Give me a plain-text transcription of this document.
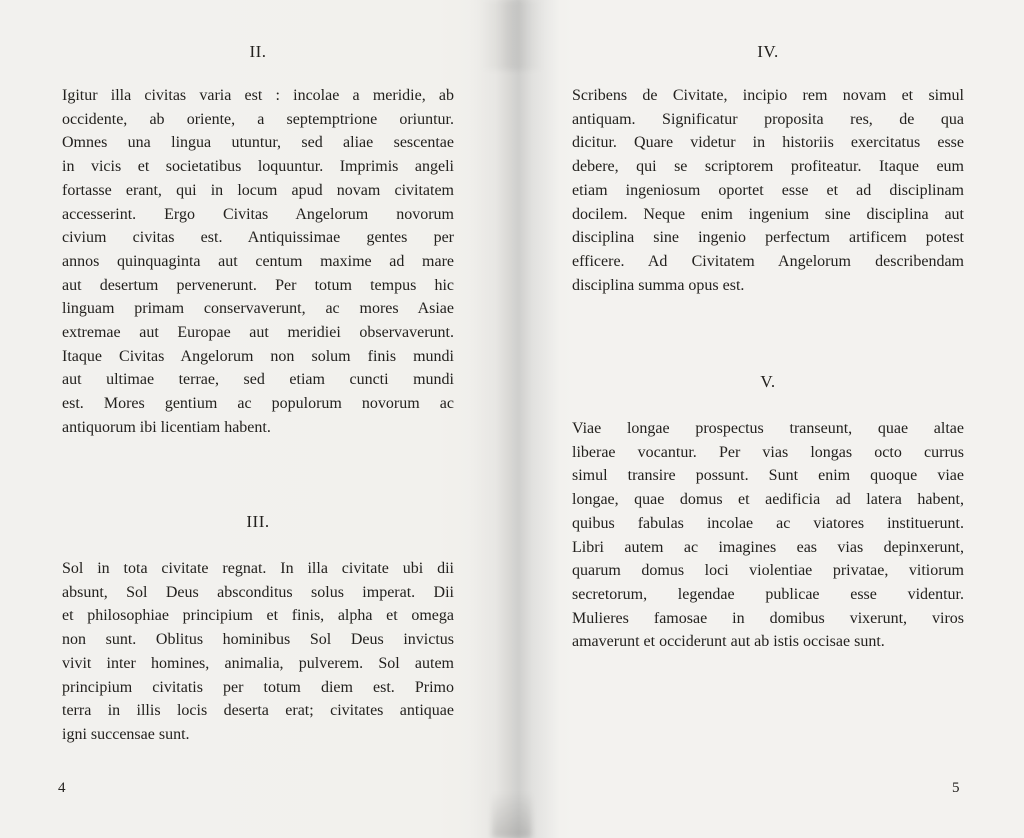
II.
Igitur illa civitas varia est : incolae a meridie, ab
occidente, ab oriente, a septemptrione oriuntur.
Omnes una lingua utuntur, sed aliae sescentae
in vicis et societatibus loquuntur. Imprimis angeli
fortasse erant, qui in locum apud novam civitatem
accesserint. Ergo Civitas Angelorum novorum
civium civitas est. Antiquissimae gentes per
annos quinquaginta aut centum maxime ad mare
aut desertum pervenerunt. Per totum tempus hic
linguam primam conservaverunt, ac mores Asiae
extremae aut Europae aut meridiei observaverunt.
Itaque Civitas Angelorum non solum finis mundi
aut ultimae terrae, sed etiam cuncti mundi
est. Mores gentium ac populorum novorum ac
antiquorum ibi licentiam habent.
III.
Sol in tota civitate regnat. In illa civitate ubi dii
absunt, Sol Deus absconditus solus imperat. Dii
et philosophiae principium et finis, alpha et omega
non sunt. Oblitus hominibus Sol Deus invictus
vivit inter homines, animalia, pulverem. Sol autem
principium civitatis per totum diem est. Primo
terra in illis locis deserta erat; civitates antiquae
igni succensae sunt.
4
IV.
Scribens de Civitate, incipio rem novam et simul
antiquam. Significatur proposita res, de qua
dicitur. Quare videtur in historiis exercitatus esse
debere, qui se scriptorem profiteatur. Itaque eum
etiam ingeniosum oportet esse et ad disciplinam
docilem. Neque enim ingenium sine disciplina aut
disciplina sine ingenio perfectum artificem potest
efficere. Ad Civitatem Angelorum describendam
disciplina summa opus est.
V.
Viae longae prospectus transeunt, quae altae
liberae vocantur. Per vias longas octo currus
simul transire possunt. Sunt enim quoque viae
longae, quae domus et aedificia ad latera habent,
quibus fabulas incolae ac viatores instituerunt.
Libri autem ac imagines eas vias depinxerunt,
quarum domus loci violentiae privatae, vitiorum
secretorum, legendae publicae esse videntur.
Mulieres famosae in domibus vixerunt, viros
amaverunt et occiderunt aut ab istis occisae sunt.
5
